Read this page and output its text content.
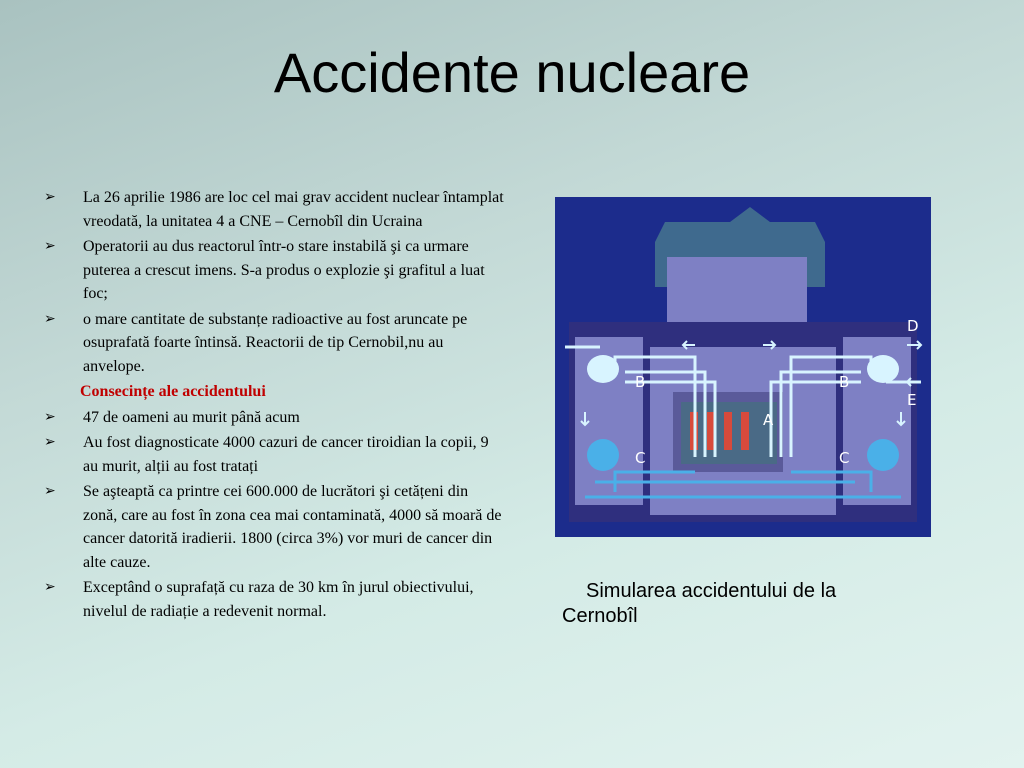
Accidente nucleare
➢	La 26 aprilie 1986 are loc cel mai grav accident nuclear întamplat vreodată, la unitatea 4 a CNE – Cernobîl din Ucraina
➢	Operatorii au dus reactorul într-o stare instabilă şi ca urmare puterea a crescut imens. S-a produs o explozie şi grafitul a luat foc;
➢	o mare cantitate de substanțe radioactive au fost aruncate pe osuprafată foarte întinsă. Reactorii de tip Cernobil,nu au anvelope.
Consecințe ale accidentului
➢	47 de oameni au murit până acum
➢	Au fost diagnosticate 4000 cazuri de cancer tiroidian la copii, 9 au murit, alții au fost tratați
➢	Se aşteaptă ca printre cei 600.000 de lucrători şi cetățeni din zonă, care au fost în zona cea mai contaminată, 4000 să moară de cancer datorită iradierii. 1800 (circa 3%) vor muri de cancer din alte cauze.
➢	Exceptând o suprafață cu raza de 30 km în jurul obiectivului, nivelul de radiație a redevenit normal.
A
B	B
C	C
D
E
Simularea accidentului de la
Cernobîl
